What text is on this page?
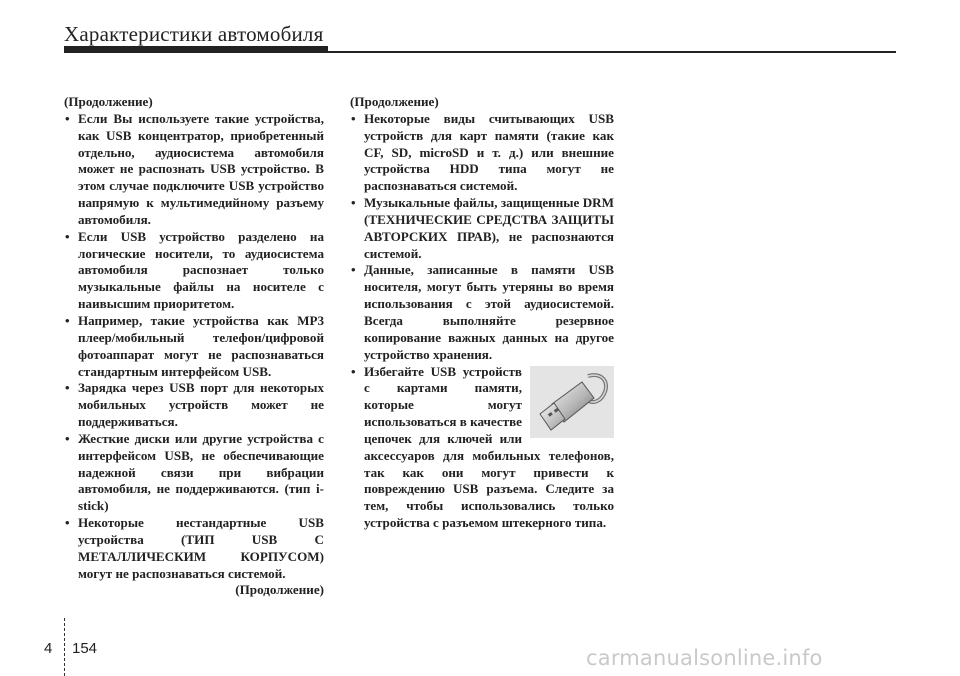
Характеристики автомобиля

(Продолжение)

• Если Вы используете такие устройства, как USB концентратор, приобретенный отдельно, аудиосистема автомобиля может не распознать USB устройство. В этом случае подключите USB устройство напрямую к мультимедийному разъему автомобиля.
• Если USB устройство разделено на логические носители, то аудиосистема автомобиля распознает только музыкальные файлы на носителе с наивысшим приоритетом.
• Например, такие устройства как MP3 плеер/мобильный телефон/цифровой фотоаппарат могут не распознаваться стандартным интерфейсом USB.
• Зарядка через USB порт для некоторых мобильных устройств может не поддерживаться.
• Жесткие диски или другие устройства с интерфейсом USB, не обеспечивающие надежной связи при вибрации автомобиля, не поддерживаются. (тип i-stick)
• Некоторые нестандартные USB устройства (ТИП USB С МЕТАЛЛИЧЕСКИМ КОРПУСОМ) могут не распознаваться системой.

(Продолжение)

(Продолжение)

• Некоторые виды считывающих USB устройств для карт памяти (такие как CF, SD, microSD и т. д.) или внешние устройства HDD типа могут не распознаваться системой.
• Музыкальные файлы, защищенные DRM (ТЕХНИЧЕСКИЕ СРЕДСТВА ЗАЩИТЫ АВТОРСКИХ ПРАВ), не распознаются системой.
• Данные, записанные в памяти USB носителя, могут быть утеряны во время использования с этой аудиосистемой. Всегда выполняйте резервное копирование важных данных на другое устройство хранения.
• Избегайте USB устройств с картами памяти, которые могут использоваться в качестве цепочек для ключей или аксессуаров для мобильных телефонов, так как они могут привести к повреждению USB разъема. Следите за тем, чтобы использовались только устройства с разъемом штекерного типа.
4 154	carmanualsonline.info
